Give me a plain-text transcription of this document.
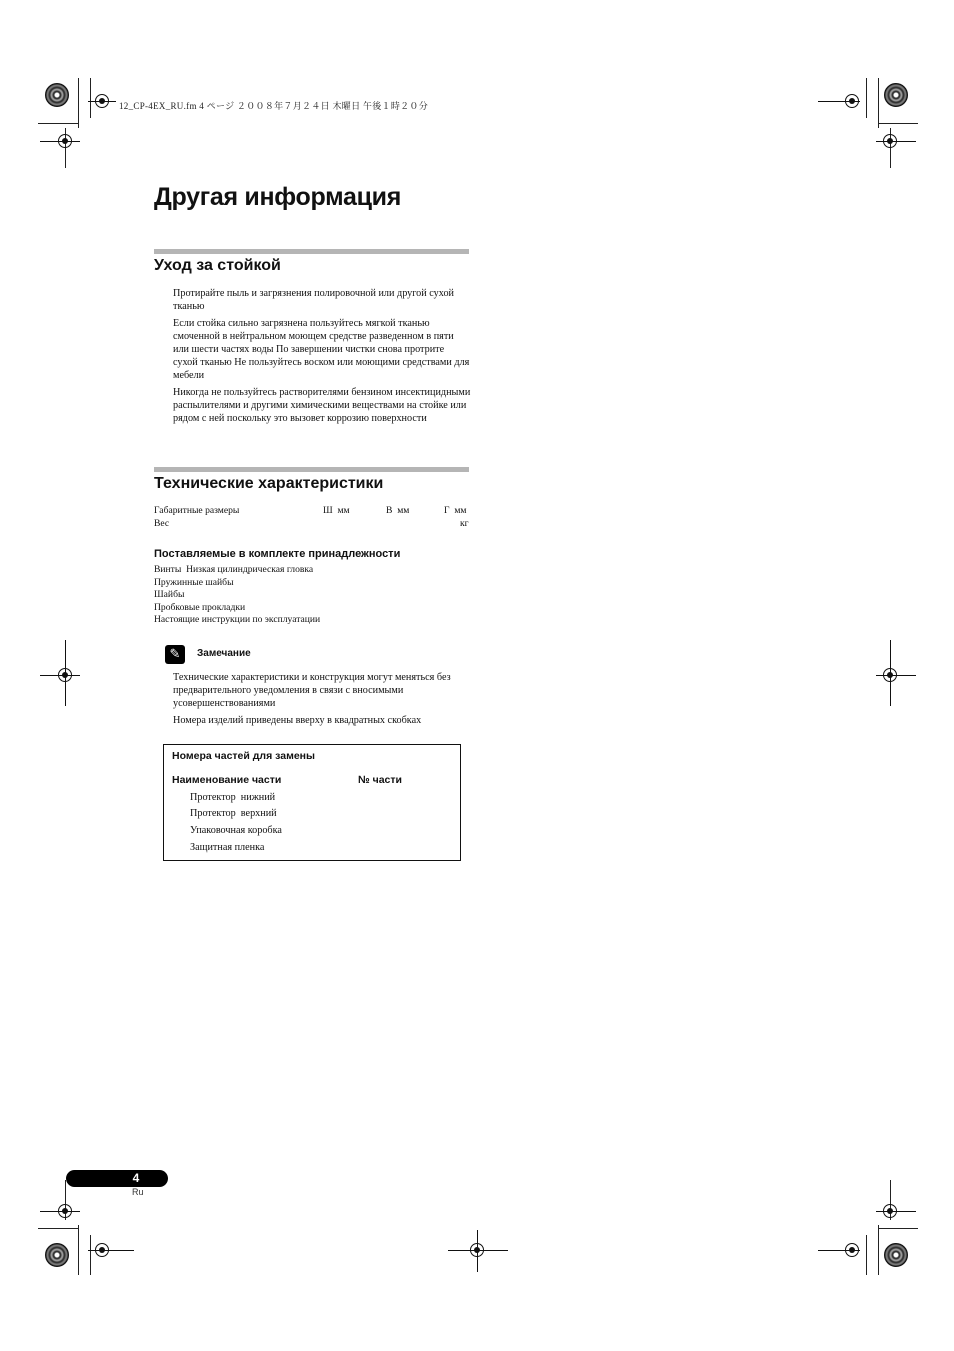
12_CP-4EX_RU.fm 4 ページ ２００８年７月２４日 木曜日 午後１時２０分
Другая информация
Уход за стойкой

Протирайте пыль и загрязнения полировочной или другой сухой тканью

Если стойка сильно загрязнена пользуйтесь мягкой тканью смоченной в нейтральном моющем средстве разведенном в пяти или шести частях воды По завершении чистки снова протрите сухой тканью Не пользуйтесь воском или моющими средствами для мебели

Никогда не пользуйтесь растворителями бензином инсектицидными распылителями и другими химическими веществами на стойке или рядом с ней поскольку это вызовет коррозию поверхности

Технические характеристики
Габаритные размеры	Ш  мм	В  мм	Г  мм
Вес	кг
Поставляемые в комплекте принадлежности
Винты  Низкая цилиндрическая гловка
Пружинные шайбы
Шайбы
Пробковые прокладки
Настоящие инструкции по эксплуатации
✎	Замечание

Технические характеристики и конструкция могут меняться без предварительного уведомления в связи с вносимыми усовершенствованиями

Номера изделий приведены вверху в квадратных скобках

Номера частей для замены
Наименование части	№ части
Протектор  нижний
Протектор  верхний
Упаковочная коробка
Защитная пленка
4
Ru
